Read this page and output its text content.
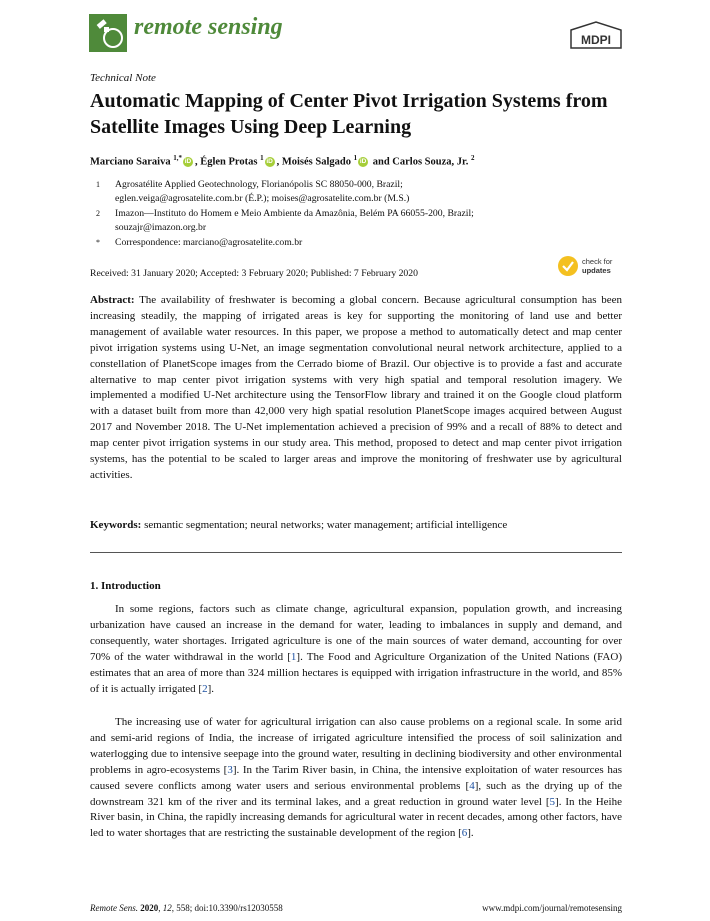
remote sensing	MDPI
Technical Note
Automatic Mapping of Center Pivot Irrigation Systems from Satellite Images Using Deep Learning
Marciano Saraiva $^{1,*}$ iD , Églen Protas $^1$ iD , Moisés Salgado $^1$ iD and Carlos Souza, Jr. $^2$
1 Agrosatélite Applied Geotechnology, Florianópolis SC 88050-000, Brazil;
eglen.veiga@agrosatelite.com.br (É.P.); moises@agrosatelite.com.br (M.S.)
2 Imazon—Instituto do Homem e Meio Ambiente da Amazônia, Belém PA 66055-200, Brazil;
souzajr@imazon.org.br
* Correspondence: marciano@agrosatelite.com.br
Received: 31 January 2020; Accepted: 3 February 2020; Published: 7 February 2020
check for
updates
Abstract: The availability of freshwater is becoming a global concern. Because agricultural consumption has been increasing steadily, the mapping of irrigated areas is key for supporting the monitoring of land use and better management of available water resources. In this paper, we propose a method to automatically detect and map center pivot irrigation systems using U-Net, an image segmentation convolutional neural network architecture, applied to a constellation of PlanetScope images from the Cerrado biome of Brazil. Our objective is to provide a fast and accurate alternative to map center pivot irrigation systems with very high spatial and temporal resolution imagery. We implemented a modified U-Net architecture using the TensorFlow library and trained it on the Google cloud platform with a dataset built from more than 42,000 very high spatial resolution PlanetScope images acquired between August 2017 and November 2018. The U-Net implementation achieved a precision of 99% and a recall of 88% to detect and map center pivot irrigation systems in our study area. This method, proposed to detect and map center pivot irrigation systems, has the potential to be scaled to larger areas and improve the monitoring of freshwater use by agricultural activities.
Keywords: semantic segmentation; neural networks; water management; artificial intelligence
1. Introduction
In some regions, factors such as climate change, agricultural expansion, population growth, and increasing urbanization have caused an increase in the demand for water, leading to imbalances in supply and demand, and consequently, water shortages. Irrigated agriculture is one of the main sources of water demand, accounting for over 70% of the water withdrawal in the world [1]. The Food and Agriculture Organization of the United Nations (FAO) estimates that an area of more than 324 million hectares is equipped with irrigation infrastructure in the world, and 85% of it is actually irrigated [2].
The increasing use of water for agricultural irrigation can also cause problems on a regional scale. In some arid and semi-arid regions of India, the increase of irrigated agriculture intensified the process of soil salinization and waterlogging due to intensive seepage into the ground water, resulting in declining biodiversity and other environmental problems in agro-ecosystems [3]. In the Tarim River basin, in China, the intensive exploitation of water resources has caused severe conflicts among water users and serious environmental problems [4], such as the drying up of the downstream 321 km of the river and its terminal lakes, and a great reduction in ground water level [5]. In the Heihe River basin, in China, the rapidly increasing demands for agricultural water in recent decades, among other factors, have led to water shortages that are restricting the sustainable development of the region [6].
Remote Sens. 2020, 12, 558; doi:10.3390/rs12030558	www.mdpi.com/journal/remotesensing
